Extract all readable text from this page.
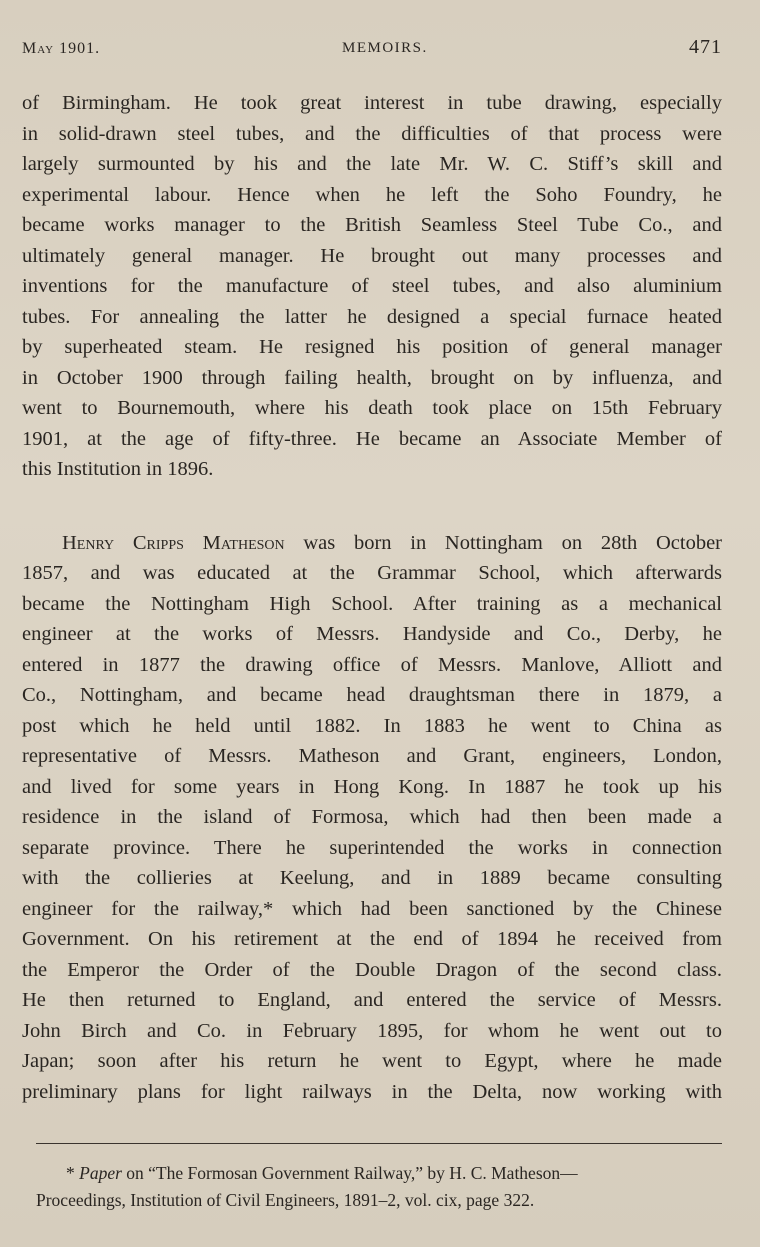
May 1901.	MEMOIRS.	471

of Birmingham. He took great interest in tube drawing, especially
in solid-drawn steel tubes, and the difficulties of that process were
largely surmounted by his and the late Mr. W. C. Stiff’s skill and
experimental labour. Hence when he left the Soho Foundry, he
became works manager to the British Seamless Steel Tube Co., and
ultimately general manager. He brought out many processes and
inventions for the manufacture of steel tubes, and also aluminium
tubes. For annealing the latter he designed a special furnace heated
by superheated steam. He resigned his position of general manager
in October 1900 through failing health, brought on by influenza, and
went to Bournemouth, where his death took place on 15th February
1901, at the age of fifty-three. He became an Associate Member of
this Institution in 1896.

Henry Cripps Matheson was born in Nottingham on 28th October
1857, and was educated at the Grammar School, which afterwards
became the Nottingham High School. After training as a mechanical
engineer at the works of Messrs. Handyside and Co., Derby, he
entered in 1877 the drawing office of Messrs. Manlove, Alliott and
Co., Nottingham, and became head draughtsman there in 1879, a
post which he held until 1882. In 1883 he went to China as
representative of Messrs. Matheson and Grant, engineers, London,
and lived for some years in Hong Kong. In 1887 he took up his
residence in the island of Formosa, which had then been made a
separate province. There he superintended the works in connection
with the collieries at Keelung, and in 1889 became consulting
engineer for the railway,* which had been sanctioned by the Chinese
Government. On his retirement at the end of 1894 he received from
the Emperor the Order of the Double Dragon of the second class.
He then returned to England, and entered the service of Messrs.
John Birch and Co. in February 1895, for whom he went out to
Japan; soon after his return he went to Egypt, where he made
preliminary plans for light railways in the Delta, now working with

* Paper on “The Formosan Government Railway,” by H. C. Matheson—
Proceedings, Institution of Civil Engineers, 1891–2, vol. cix, page 322.
